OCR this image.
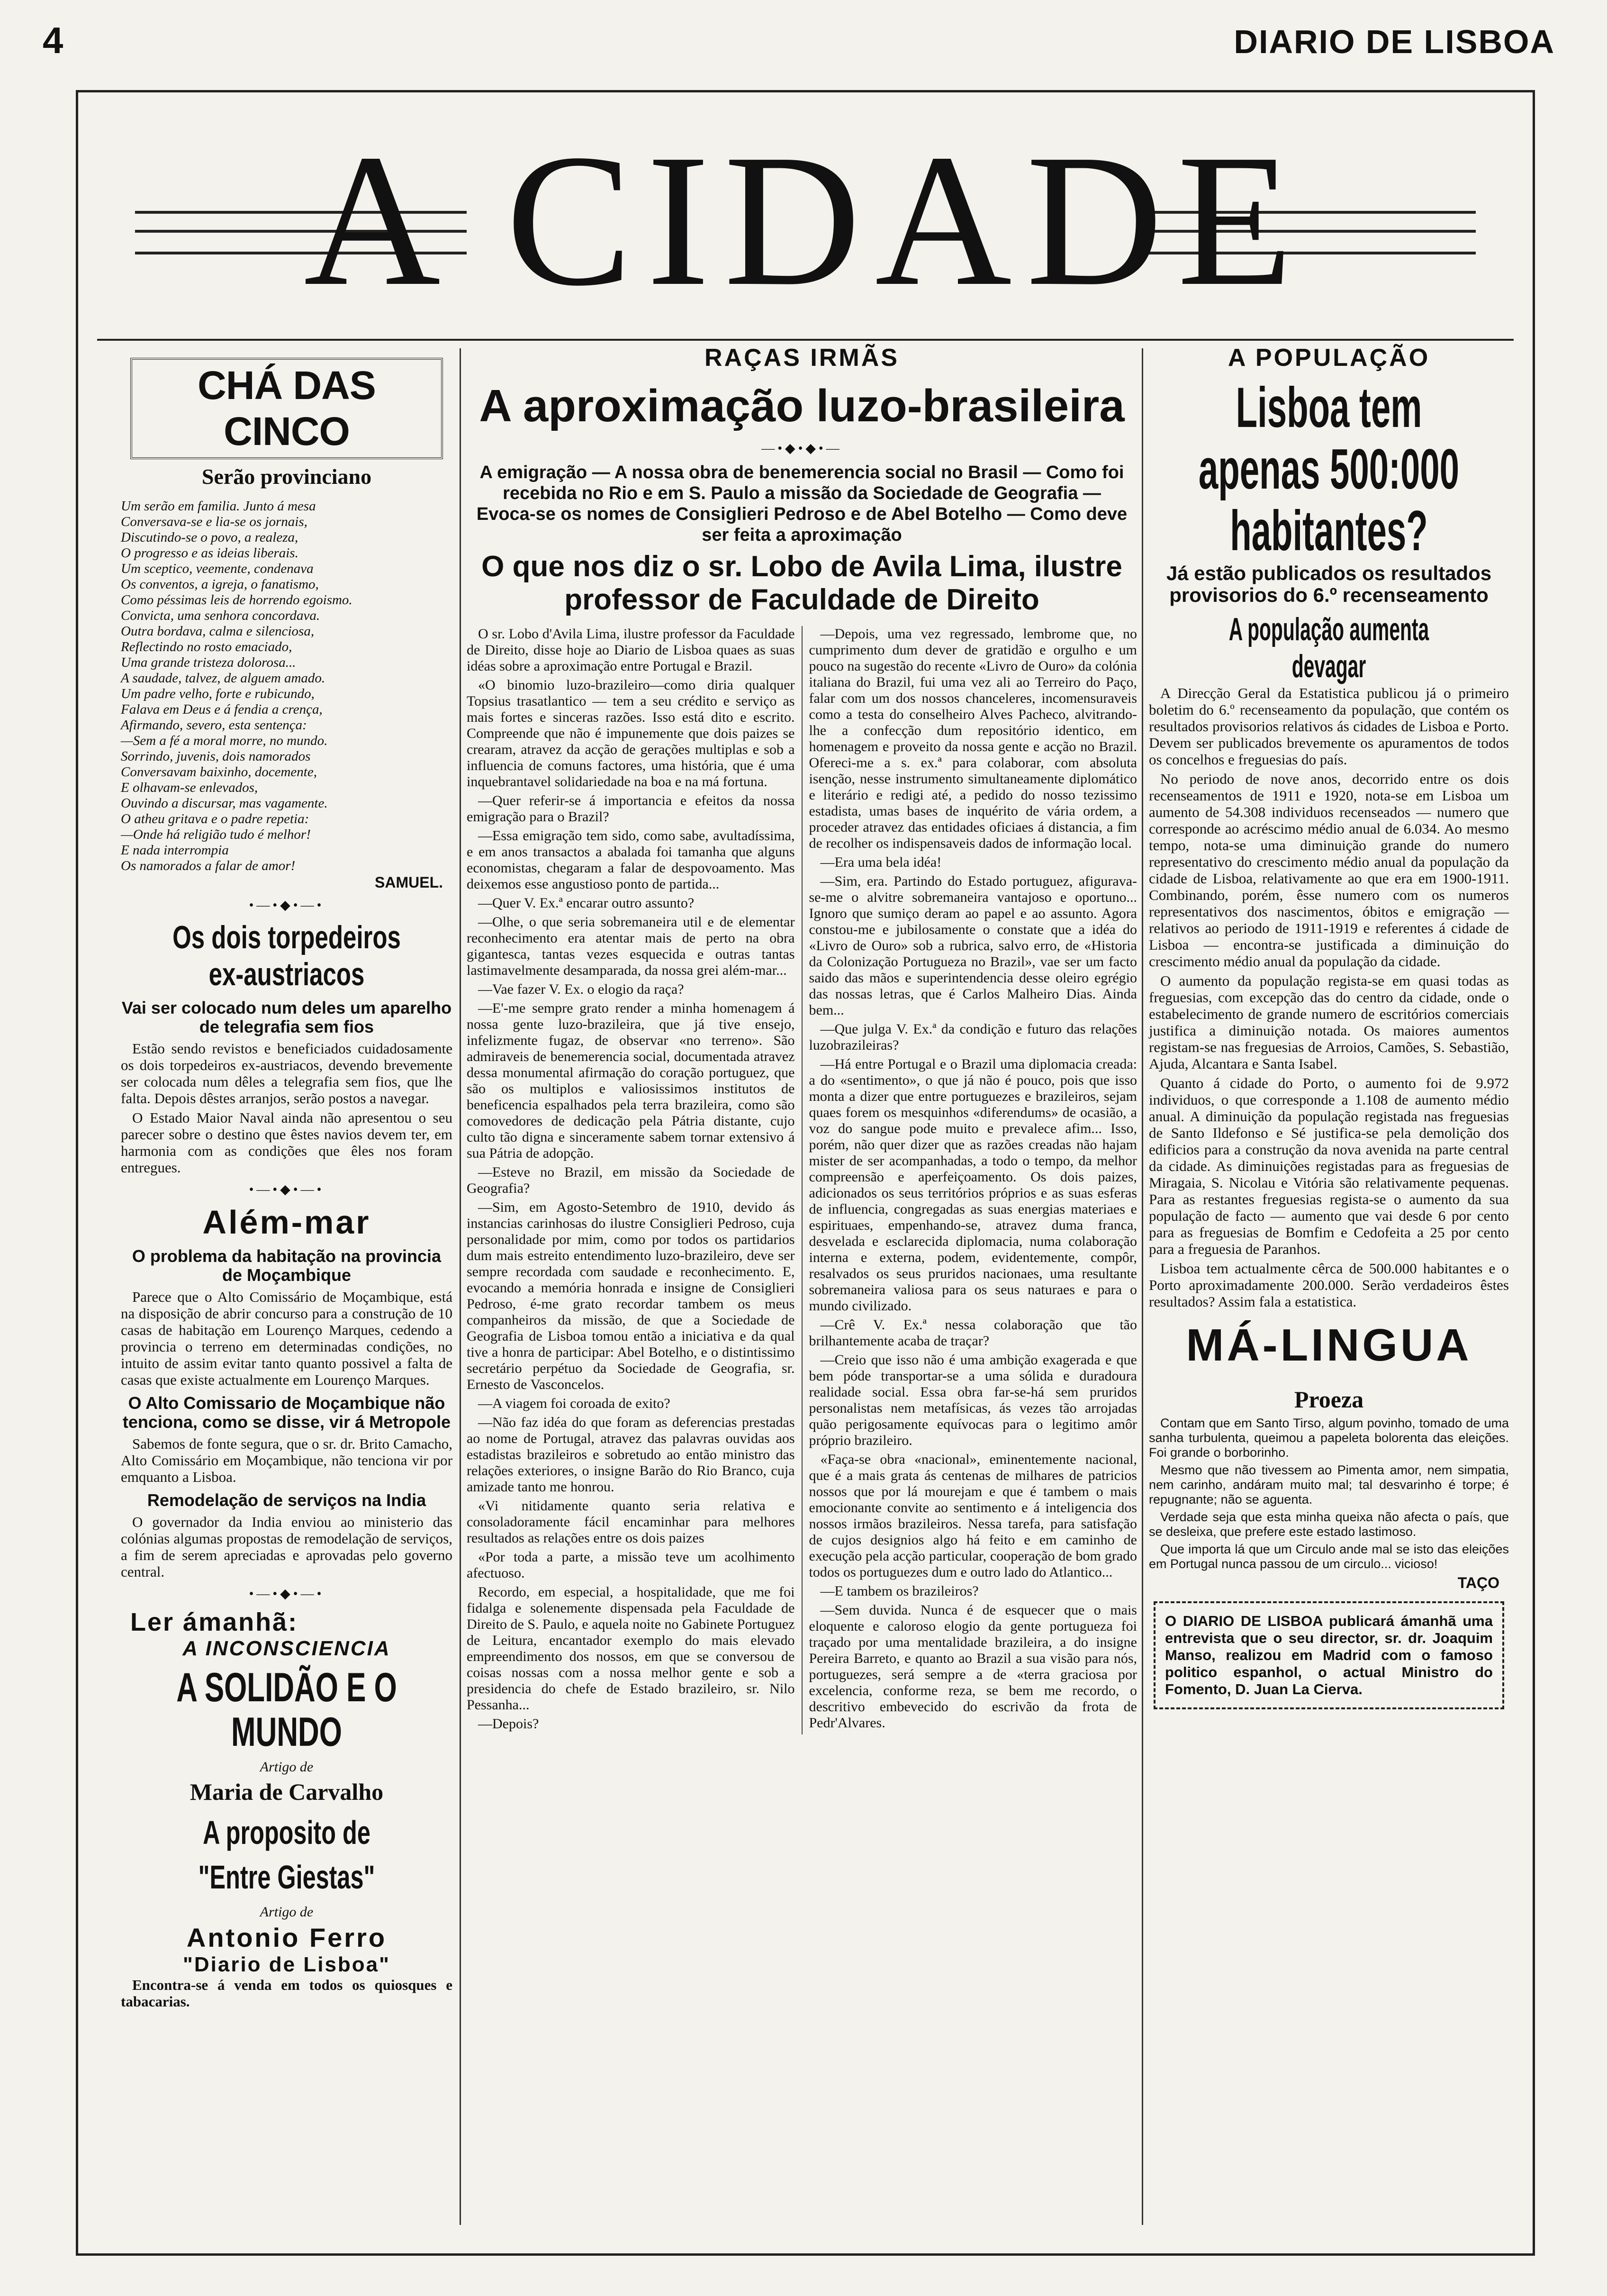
4	DIARIO DE LISBOA
A CIDADE
CHÁ DAS CINCO
Serão provinciano

Um serão em familia. Junto á mesa

Conversava-se e lia-se os jornais,

Discutindo-se o povo, a realeza,

O progresso e as ideias liberais.

Um sceptico, veemente, condenava

Os conventos, a igreja, o fanatismo,

Como péssimas leis de horrendo egoismo.

Convicta, uma senhora concordava.

Outra bordava, calma e silenciosa,

Reflectindo no rosto emaciado,

Uma grande tristeza dolorosa...

A saudade, talvez, de alguem amado.

Um padre velho, forte e rubicundo,

Falava em Deus e á fendia a crença,

Afirmando, severo, esta sentença:

—Sem a fé a moral morre, no mundo.

Sorrindo, juvenis, dois namorados

Conversavam baixinho, docemente,

E olhavam-se enlevados,

Ouvindo a discursar, mas vagamente.

O atheu gritava e o padre repetia:

—Onde há religião tudo é melhor!

E nada interrompia

Os namorados a falar de amor!

SAMUEL.
•—•◆•—•
Os dois torpedeiros ex-austriacos
Vai ser colocado num deles um aparelho de telegrafia sem fios

Estão sendo revistos e beneficiados cuidadosamente os dois torpedeiros ex-austriacos, devendo brevemente ser colocada num dêles a telegrafia sem fios, que lhe falta. Depois dêstes arranjos, serão postos a navegar.

O Estado Maior Naval ainda não apresentou o seu parecer sobre o destino que êstes navios devem ter, em harmonia com as condições que êles nos foram entregues.

•—•◆•—•
Além-mar
O problema da habitação na provincia de Moçambique

Parece que o Alto Comissário de Moçambique, está na disposição de abrir concurso para a construção de 10 casas de habitação em Lourenço Marques, cedendo a provincia o terreno em determinadas condições, no intuito de assim evitar tanto quanto possivel a falta de casas que existe actualmente em Lourenço Marques.

O Alto Comissario de Moçambique não tenciona, como se disse, vir á Metropole

Sabemos de fonte segura, que o sr. dr. Brito Camacho, Alto Comissário em Moçambique, não tenciona vir por emquanto a Lisboa.

Remodelação de serviços na India

O governador da India enviou ao ministerio das colónias algumas propostas de remodelação de serviços, a fim de serem apreciadas e aprovadas pelo governo central.

•—•◆•—•
Ler ámanhã:
A INCONSCIENCIA
A SOLIDÃO E O MUNDO
Artigo de
Maria de Carvalho
A proposito de "Entre Giestas"
Artigo de
Antonio Ferro
"Diario de Lisboa"

Encontra-se á venda em todos os quiosques e tabacarias.

RAÇAS IRMÃS
A aproximação luzo-brasileira
—•◆•◆•—
A emigração — A nossa obra de benemerencia social no Brasil — Como foi recebida no Rio e em S. Paulo a missão da Sociedade de Geografia — Evoca-se os nomes de Consiglieri Pedroso e de Abel Botelho — Como deve ser feita a aproximação
O que nos diz o sr. Lobo de Avila Lima, ilustre professor de Faculdade de Direito

O sr. Lobo d'Avila Lima, ilustre professor da Faculdade de Direito, disse hoje ao Diario de Lisboa quaes as suas idéas sobre a aproximação entre Portugal e Brazil.

«O binomio luzo-brazileiro—como diria qualquer Topsius trasatlantico — tem a seu crédito e serviço as mais fortes e sinceras razões. Isso está dito e escrito. Compreende que não é impunemente que dois paizes se crearam, atravez da acção de gerações multiplas e sob a influencia de comuns factores, uma história, que é uma inquebrantavel solidariedade na boa e na má fortuna.

—Quer referir-se á importancia e efeitos da nossa emigração para o Brazil?

—Essa emigração tem sido, como sabe, avultadíssima, e em anos transactos a abalada foi tamanha que alguns economistas, chegaram a falar de despovoamento. Mas deixemos esse angustioso ponto de partida...

—Quer V. Ex.ª encarar outro assunto?

—Olhe, o que seria sobremaneira util e de elementar reconhecimento era atentar mais de perto na obra gigantesca, tantas vezes esquecida e outras tantas lastimavelmente desamparada, da nossa grei além-mar...

—Vae fazer V. Ex. o elogio da raça?

—E'-me sempre grato render a minha homenagem á nossa gente luzo-brazileira, que já tive ensejo, infelizmente fugaz, de observar «no terreno». São admiraveis de benemerencia social, documentada atravez dessa monumental afirmação do coração portuguez, que são os multiplos e valiosissimos institutos de beneficencia espalhados pela terra brazileira, como são comovedores de dedicação pela Pátria distante, cujo culto tão digna e sinceramente sabem tornar extensivo á sua Pátria de adopção.

—Esteve no Brazil, em missão da Sociedade de Geografia?

—Sim, em Agosto-Setembro de 1910, devido ás instancias carinhosas do ilustre Consiglieri Pedroso, cuja personalidade por mim, como por todos os partidarios dum mais estreito entendimento luzo-brazileiro, deve ser sempre recordada com saudade e reconhecimento. E, evocando a memória honrada e insigne de Consiglieri Pedroso, é-me grato recordar tambem os meus companheiros da missão, de que a Sociedade de Geografia de Lisboa tomou então a iniciativa e da qual tive a honra de participar: Abel Botelho, e o distintissimo secretário perpétuo da Sociedade de Geografia, sr. Ernesto de Vasconcelos.

—A viagem foi coroada de exito?

—Não faz idéa do que foram as deferencias prestadas ao nome de Portugal, atravez das palavras ouvidas aos estadistas brazileiros e sobretudo ao então ministro das relações exteriores, o insigne Barão do Rio Branco, cuja amizade tanto me honrou.

«Vi nitidamente quanto seria relativa e consoladoramente fácil encaminhar para melhores resultados as relações entre os dois paizes

«Por toda a parte, a missão teve um acolhimento afectuoso.

Recordo, em especial, a hospitalidade, que me foi fidalga e solenemente dispensada pela Faculdade de Direito de S. Paulo, e aquela noite no Gabinete Portuguez de Leitura, encantador exemplo do mais elevado empreendimento dos nossos, em que se conversou de coisas nossas com a nossa melhor gente e sob a presidencia do chefe de Estado brazileiro, sr. Nilo Pessanha...

—Depois?

—Depois, uma vez regressado, lembrome que, no cumprimento dum dever de gratidão e orgulho e um pouco na sugestão do recente «Livro de Ouro» da colónia italiana do Brazil, fui uma vez ali ao Terreiro do Paço, falar com um dos nossos chanceleres, incomensuraveis como a testa do conselheiro Alves Pacheco, alvitrando-lhe a confecção dum repositório identico, em homenagem e proveito da nossa gente e acção no Brazil. Ofereci-me a s. ex.ª para colaborar, com absoluta isenção, nesse instrumento simultaneamente diplomático e literário e redigi até, a pedido do nosso tezissimo estadista, umas bases de inquérito de vária ordem, a proceder atravez das entidades oficiaes á distancia, a fim de recolher os indispensaveis dados de informação local.

—Era uma bela idéa!

—Sim, era. Partindo do Estado portuguez, afigurava-se-me o alvitre sobremaneira vantajoso e oportuno... Ignoro que sumiço deram ao papel e ao assunto. Agora constou-me e jubilosamente o constate que a idéa do «Livro de Ouro» sob a rubrica, salvo erro, de «Historia da Colonização Portugueza no Brazil», vae ser um facto saido das mãos e superintendencia desse oleiro egrégio das nossas letras, que é Carlos Malheiro Dias. Ainda bem...

—Que julga V. Ex.ª da condição e futuro das relações luzobrazileiras?

—Há entre Portugal e o Brazil uma diplomacia creada: a do «sentimento», o que já não é pouco, pois que isso monta a dizer que entre portuguezes e brazileiros, sejam quaes forem os mesquinhos «diferendums» de ocasião, a voz do sangue pode muito e prevalece afim... Isso, porém, não quer dizer que as razões creadas não hajam mister de ser acompanhadas, a todo o tempo, da melhor compreensão e aperfeiçoamento. Os dois paizes, adicionados os seus territórios próprios e as suas esferas de influencia, congregadas as suas energias materiaes e espirituaes, empenhando-se, atravez duma franca, desvelada e esclarecida diplomacia, numa colaboração interna e externa, podem, evidentemente, compôr, resalvados os seus pruridos nacionaes, uma resultante sobremaneira valiosa para os seus naturaes e para o mundo civilizado.

—Crê V. Ex.ª nessa colaboração que tão brilhantemente acaba de traçar?

—Creio que isso não é uma ambição exagerada e que bem póde transportar-se a uma sólida e duradoura realidade social. Essa obra far-se-há sem pruridos personalistas nem metafísicas, ás vezes tão arrojadas quão perigosamente equívocas para o legitimo amôr próprio brazileiro.

«Faça-se obra «nacional», eminentemente nacional, que é a mais grata ás centenas de milhares de patricios nossos que por lá mourejam e que é tambem o mais emocionante convite ao sentimento e á inteligencia dos nossos irmãos brazileiros. Nessa tarefa, para satisfação de cujos designios algo há feito e em caminho de execução pela acção particular, cooperação de bom grado todos os portuguezes dum e outro lado do Atlantico...

—E tambem os brazileiros?

—Sem duvida. Nunca é de esquecer que o mais eloquente e caloroso elogio da gente portugueza foi traçado por uma mentalidade brazileira, a do insigne Pereira Barreto, e quanto ao Brazil a sua visão para nós, portuguezes, será sempre a de «terra graciosa por excelencia, conforme reza, se bem me recordo, o descritivo embevecido do escrivão da frota de Pedr'Alvares.

A POPULAÇÃO
Lisboa tem apenas 500:000 habitantes?
Já estão publicados os resultados provisorios do 6.º recenseamento
A população aumenta devagar

A Direcção Geral da Estatistica publicou já o primeiro boletim do 6.º recenseamento da população, que contém os resultados provisorios relativos ás cidades de Lisboa e Porto. Devem ser publicados brevemente os apuramentos de todos os concelhos e freguesias do país.

No periodo de nove anos, decorrido entre os dois recenseamentos de 1911 e 1920, nota-se em Lisboa um aumento de 54.308 individuos recenseados — numero que corresponde ao acréscimo médio anual de 6.034. Ao mesmo tempo, nota-se uma diminuição grande do numero representativo do crescimento médio anual da população da cidade de Lisboa, relativamente ao que era em 1900-1911. Combinando, porém, êsse numero com os numeros representativos dos nascimentos, óbitos e emigração — relativos ao periodo de 1911-1919 e referentes á cidade de Lisboa — encontra-se justificada a diminuição do crescimento médio anual da população da cidade.

O aumento da população regista-se em quasi todas as freguesias, com excepção das do centro da cidade, onde o estabelecimento de grande numero de escritórios comerciais justifica a diminuição notada. Os maiores aumentos registam-se nas freguesias de Arroios, Camões, S. Sebastião, Ajuda, Alcantara e Santa Isabel.

Quanto á cidade do Porto, o aumento foi de 9.972 individuos, o que corresponde a 1.108 de aumento médio anual. A diminuição da população registada nas freguesias de Santo Ildefonso e Sé justifica-se pela demolição dos edificios para a construção da nova avenida na parte central da cidade. As diminuições registadas para as freguesias de Miragaia, S. Nicolau e Vitória são relativamente pequenas. Para as restantes freguesias regista-se o aumento da sua população de facto — aumento que vai desde 6 por cento para as freguesias de Bomfim e Cedofeita a 25 por cento para a freguesia de Paranhos.

Lisboa tem actualmente cêrca de 500.000 habitantes e o Porto aproximadamente 200.000. Serão verdadeiros êstes resultados? Assim fala a estatistica.

MÁ-LINGUA
Proeza

Contam que em Santo Tirso, algum povinho, tomado de uma sanha turbulenta, queimou a papeleta bolorenta das eleições. Foi grande o borborinho.

Mesmo que não tivessem ao Pimenta amor, nem simpatia, nem carinho, andáram muito mal; tal desvarinho é torpe; é repugnante; não se aguenta.

Verdade seja que esta minha queixa não afecta o país, que se desleixa, que prefere este estado lastimoso.

Que importa lá que um Circulo ande mal se isto das eleições em Portugal nunca passou de um circulo... vicioso!

TAÇO
O DIARIO DE LISBOA publicará ámanhã uma entrevista que o seu director, sr. dr. Joaquim Manso, realizou em Madrid com o famoso politico espanhol, o actual Ministro do Fomento, D. Juan La Cierva.
